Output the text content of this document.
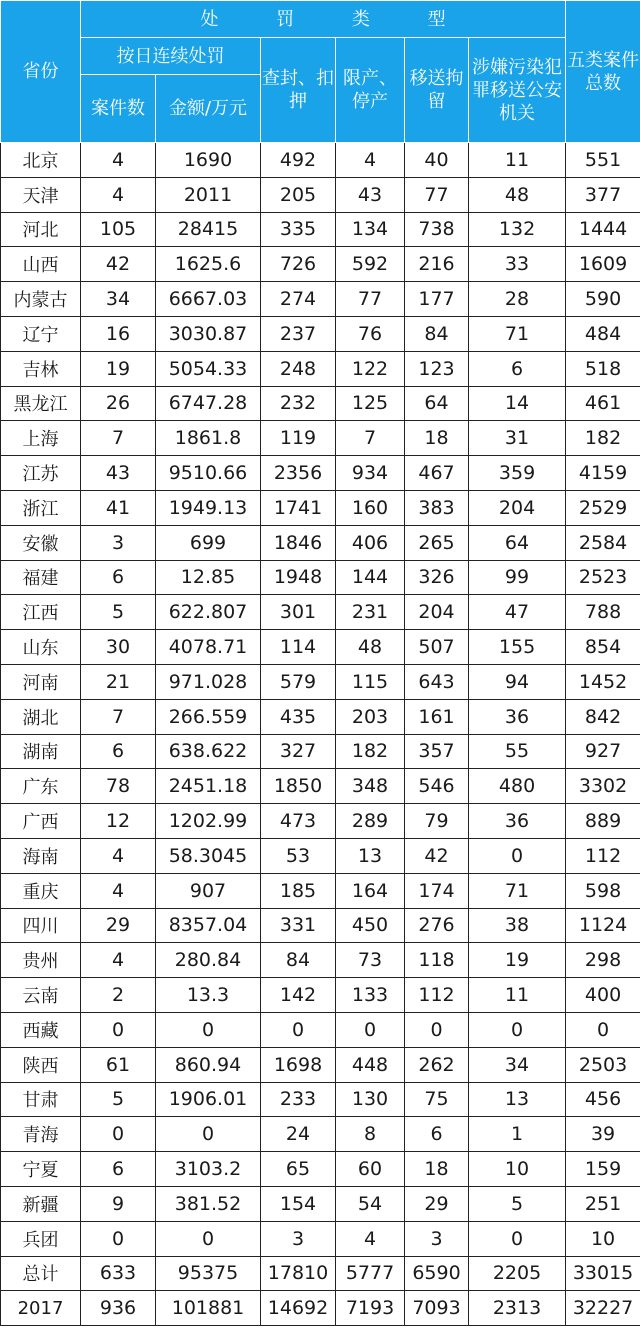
省份	处 罚 类 型						五类案件总数
	按日连续处罚		查封、扣押	限产、停产	移送拘留	涉嫌污染犯罪移送公安机关	
	案件数	金额/万元					
北京	4	1690	492	4	40	11	551
天津	4	2011	205	43	77	48	377
河北	105	28415	335	134	738	132	1444
山西	42	1625.6	726	592	216	33	1609
内蒙古	34	6667.03	274	77	177	28	590
辽宁	16	3030.87	237	76	84	71	484
吉林	19	5054.33	248	122	123	6	518
黑龙江	26	6747.28	232	125	64	14	461
上海	7	1861.8	119	7	18	31	182
江苏	43	9510.66	2356	934	467	359	4159
浙江	41	1949.13	1741	160	383	204	2529
安徽	3	699	1846	406	265	64	2584
福建	6	12.85	1948	144	326	99	2523
江西	5	622.807	301	231	204	47	788
山东	30	4078.71	114	48	507	155	854
河南	21	971.028	579	115	643	94	1452
湖北	7	266.559	435	203	161	36	842
湖南	6	638.622	327	182	357	55	927
广东	78	2451.18	1850	348	546	480	3302
广西	12	1202.99	473	289	79	36	889
海南	4	58.3045	53	13	42	0	112
重庆	4	907	185	164	174	71	598
四川	29	8357.04	331	450	276	38	1124
贵州	4	280.84	84	73	118	19	298
云南	2	13.3	142	133	112	11	400
西藏	0	0	0	0	0	0	0
陕西	61	860.94	1698	448	262	34	2503
甘肃	5	1906.01	233	130	75	13	456
青海	0	0	24	8	6	1	39
宁夏	6	3103.2	65	60	18	10	159
新疆	9	381.52	154	54	29	5	251
兵团	0	0	3	4	3	0	10
总计	633	95375	17810	5777	6590	2205	33015
2017	936	101881	14692	7193	7093	2313	32227
